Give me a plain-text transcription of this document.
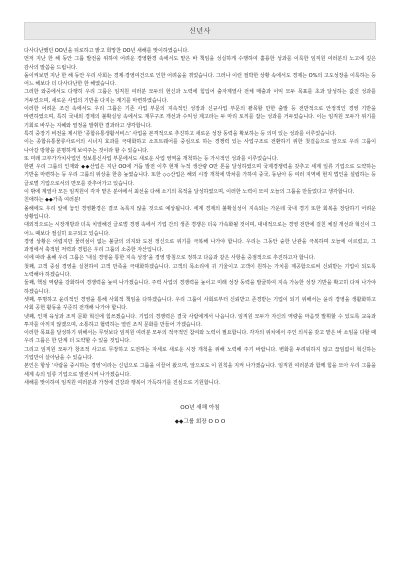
신년사

다사다난했던 OO년을 뒤로하고 밝고 희망찬 OO년 새해를 맞이하였습니다.

먼저 지난 한 해 동안 그룹 발전을 위하여 어려운 경영환경 속에서도 맡은 바 책임을 성실하게 수행하여 훌륭한 성과를 이룩한 임직원 여러분의 노고에 깊은 감사의 말씀을 드립니다.

돌이켜보면 지난 한 해 동안 우리 사회는 경제·경영여건으로 인한 어려움을 겪었습니다. 그러나 이런 절박한 상황 속에서도 경제는 O%의 고도성장을 이룩하는 등 어느 해보다 더 다사다난한 한 해였습니다.

그러한 와중에서도 다행히 우리 그룹은 임직원 여러분 모두의 헌신과 노력에 힘입어 출자계열사 전체 매출과 이익 모두 목표를 초과 달성하는 값진 성과를 거두었으며, 새로운 사업의 기반을 다지는 계기를 마련하였습니다.

이러한 어려운 조건 속에서도 우리 그룹은 기존 사업 부문의 지속적인 성장과 신규사업 부문의 괄목할 만한 출발 등 전반적으로 안정적인 경영 기반을 마련하였으며, 특히 국내외 경제의 불확실성 속에서도 재무구조 개선과 수익성 제고라는 두 마리 토끼를 잡는 성과를 거두었습니다. 이는 임직원 모두가 위기를 기회로 바꾸는 지혜와 열정을 발휘한 결과라고 생각합니다.

특히 중장기 비전을 제시한 ‘종합유통생활서비스’ 사업을 본격적으로 추진하고 새로운 성장 동력을 확보하는 등 의미 있는 성과를 이루었습니다.

이는 종합유통물류사로서의 시너지 효과를 극대화하고 소프트웨어를 중심으로 하는 경쟁력 있는 사업구조로 전환하기 위한 첫걸음으로 앞으로 우리 그룹이 나아갈 방향을 분명하게 보여주는 것이라 할 수 있습니다.

또 미래 고부가가치사업인 정보통신사업 부문에서도 새로운 사업 영역을 개척하는 등 가시적인 성과를 이루었습니다.

한편 우리 그룹의 인재와 ◆◆산업은 지난 OO에 거듭 발전 이후 현재 누적 생산량 O만 톤을 달성하였으며 국제경쟁력을 갖추고 세계 일류 기업으로 도약하는 기반을 마련하는 등 우리 그룹의 위상을 한층 높였습니다. 또한 ◇◇산업은 해외 시장 개척에 박차를 가하여 중국, 동남아 등 여러 지역에 현지 법인을 설립하는 등 글로벌 기업으로서의 면모를 갖추어가고 있습니다.

이 밖에 계열사 모든 임직원이 각자 맡은 분야에서 최선을 다해 소기의 목적을 달성하였으며, 이러한 노력이 모여 오늘의 그룹을 만들었다고 생각합니다.

친애하는 ◆◆가족 여러분!

올해에도 우리 앞에 놓인 경영환경은 결코 녹록지 않을 것으로 예상됩니다. 세계 경제의 불확실성이 지속되는 가운데 국내 경기 또한 회복을 장담하기 어려운 상황입니다.

대외적으로는 시장개방과 더욱 치열해진 글로벌 경쟁 속에서 기업 간의 생존 경쟁은 더욱 가속화될 것이며, 대내적으로는 경영 전반에 걸친 체질 개선과 혁신이 그 어느 때보다 절실히 요구되고 있습니다.

경영 상황은 어렵지만 물러섬이 없는 불굴의 의지와 도전 정신으로 위기를 극복해 나가야 합니다. 우리는 그동안 숱한 난관을 극복하며 오늘에 이르렀고, 그 과정에서 축적된 저력과 경험은 우리 그룹의 소중한 자산입니다.

이에 따라 올해 우리 그룹은 ‘내실 경영을 통한 지속 성장’을 경영 방침으로 정하고 다음과 같은 사항을 중점적으로 추진하고자 합니다.

첫째, 고객 중심 경영을 실천하여 고객 만족을 극대화하겠습니다. 고객의 목소리에 귀 기울이고 고객이 원하는 가치를 제공함으로써 신뢰받는 기업이 되도록 노력해야 하겠습니다.

둘째, 핵심 역량을 강화하여 경쟁력을 높여 나가겠습니다. 주력 사업의 경쟁력을 높이고 미래 성장 동력을 발굴하여 지속 가능한 성장 기반을 확고히 다져 나가야 하겠습니다.

셋째, 투명하고 윤리적인 경영을 통해 사회적 책임을 다하겠습니다. 우리 그룹이 사회로부터 신뢰받고 존경받는 기업이 되기 위해서는 윤리 경영을 생활화하고 사회 공헌 활동을 꾸준히 전개해 나가야 합니다.

넷째, 인재 육성과 조직 문화 혁신에 힘쓰겠습니다. 기업의 경쟁력은 결국 사람에게서 나옵니다. 임직원 모두가 자신의 역량을 마음껏 발휘할 수 있도록 교육과 투자를 아끼지 않겠으며, 소통하고 협력하는 열린 조직 문화를 만들어 가겠습니다.

이러한 목표를 달성하기 위해서는 무엇보다 임직원 여러분 모두의 적극적인 참여와 노력이 필요합니다. 각자의 위치에서 주인 의식을 갖고 맡은 바 소임을 다할 때 우리 그룹은 한 단계 더 도약할 수 있을 것입니다.

그리고 임직원 모두가 창조적 사고로 무장하고 도전하는 자세로 새로운 시장 개척을 위해 노력해 주기 바랍니다. 변화를 두려워하지 않고 끊임없이 혁신하는 기업만이 살아남을 수 있습니다.

본인은 항상 ‘사람을 중시하는 경영’이라는 신념으로 그룹을 이끌어 왔으며, 앞으로도 이 원칙을 지켜 나가겠습니다. 임직원 여러분과 함께 힘을 모아 우리 그룹을 세계 속의 일류 기업으로 발전시켜 나가겠습니다.

새해를 맞이하여 임직원 여러분과 가정에 건강과 행복이 가득하기를 진심으로 기원합니다.

OO년 새해 아침
◆◆그룹 회장 O O O
